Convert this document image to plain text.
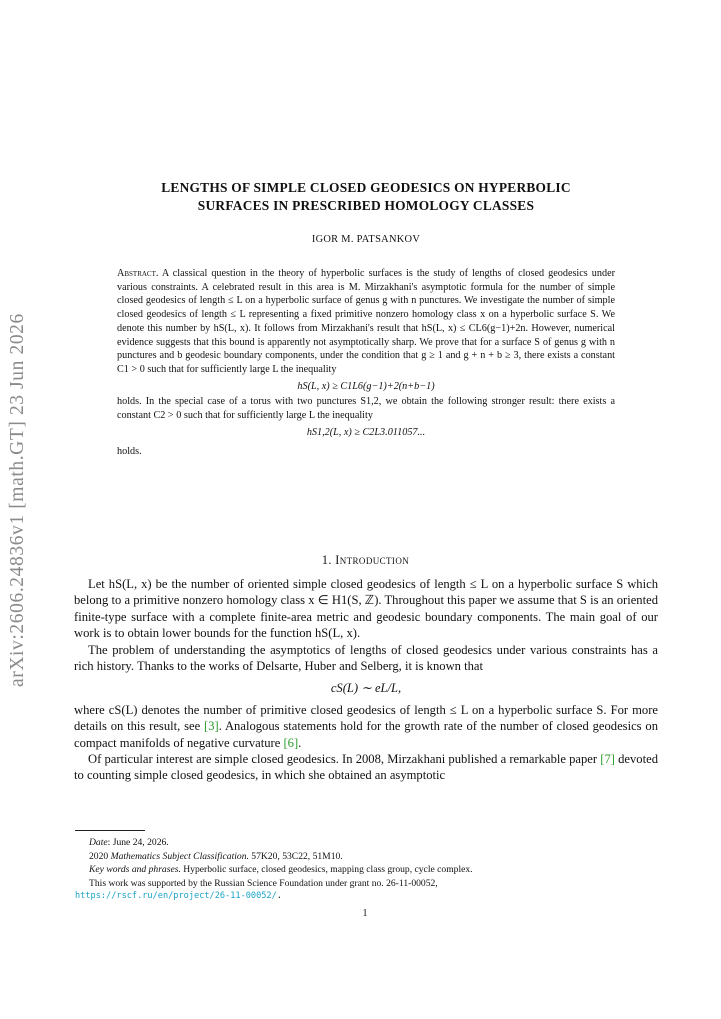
arXiv:2606.24836v1 [math.GT] 23 Jun 2026
LENGTHS OF SIMPLE CLOSED GEODESICS ON HYPERBOLIC
SURFACES IN PRESCRIBED HOMOLOGY CLASSES
IGOR M. PATSANKOV

Abstract. A classical question in the theory of hyperbolic surfaces is the study of lengths of closed geodesics under various constraints. A celebrated result in this area is M. Mirzakhani's asymptotic formula for the number of simple closed geodesics of length ≤ L on a hyperbolic surface of genus g with n punctures. We investigate the number of simple closed geodesics of length ≤ L representing a fixed primitive nonzero homology class x on a hyperbolic surface S. We denote this number by hS(L, x). It follows from Mirzakhani's result that hS(L, x) ≤ CL6(g−1)+2n. However, numerical evidence suggests that this bound is apparently not asymptotically sharp. We prove that for a surface S of genus g with n punctures and b geodesic boundary components, under the condition that g ≥ 1 and g + n + b ≥ 3, there exists a constant C1 > 0 such that for sufficiently large L the inequality

hS(L, x) ≥ C1L6(g−1)+2(n+b−1)

holds. In the special case of a torus with two punctures S1,2, we obtain the following stronger result: there exists a constant C2 > 0 such that for sufficiently large L the inequality

hS1,2(L, x) ≥ C2L3.011057...

holds.

1. Introduction

Let hS(L, x) be the number of oriented simple closed geodesics of length ≤ L on a hyperbolic surface S which belong to a primitive nonzero homology class x ∈ H1(S, ℤ). Throughout this paper we assume that S is an oriented finite-type surface with a complete finite-area metric and geodesic boundary components. The main goal of our work is to obtain lower bounds for the function hS(L, x).

The problem of understanding the asymptotics of lengths of closed geodesics under various constraints has a rich history. Thanks to the works of Delsarte, Huber and Selberg, it is known that

cS(L) ∼ eL/L,

where cS(L) denotes the number of primitive closed geodesics of length ≤ L on a hyperbolic surface S. For more details on this result, see [3]. Analogous statements hold for the growth rate of the number of closed geodesics on compact manifolds of negative curvature [6].

Of particular interest are simple closed geodesics. In 2008, Mirzakhani published a remarkable paper [7] devoted to counting simple closed geodesics, in which she obtained an asymptotic

Date: June 24, 2026.
2020 Mathematics Subject Classification. 57K20, 53C22, 51M10.
Key words and phrases. Hyperbolic surface, closed geodesics, mapping class group, cycle complex.
This work was supported by the Russian Science Foundation under grant no. 26-11-00052,
https://rscf.ru/en/project/26-11-00052/.
1
